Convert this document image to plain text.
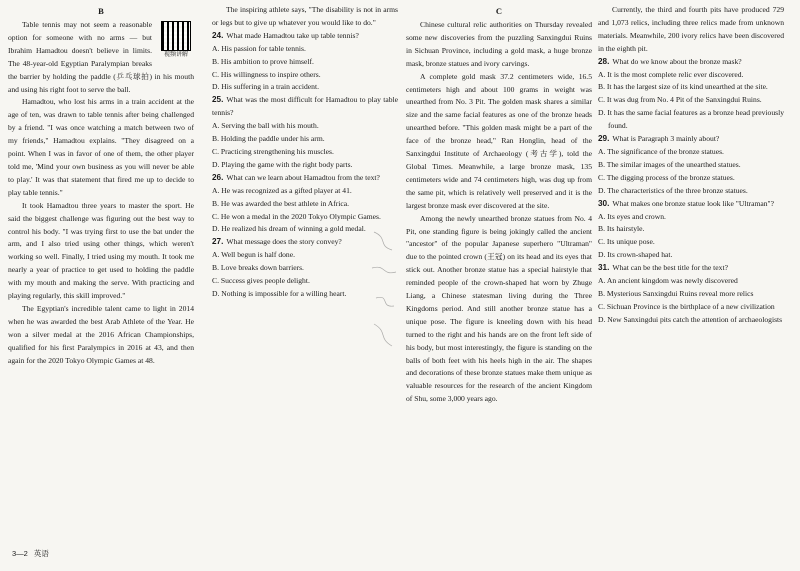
B
视频讲解

Table tennis may not seem a reasonable option for someone with no arms — but Ibrahim Hamadtou doesn't believe in limits. The 48-year-old Egyptian Paralympian breaks the barrier by holding the paddle (乒乓球拍) in his mouth and using his right foot to serve the ball.

Hamadtou, who lost his arms in a train accident at the age of ten, was drawn to table tennis after being challenged by a friend. "I was once watching a match between two of my friends," Hamadtou explains. "They disagreed on a point. When I was in favor of one of them, the other player told me, 'Mind your own business as you will never be able to play.' It was that statement that fired me up to decide to play table tennis."

It took Hamadtou three years to master the sport. He said the biggest challenge was figuring out the best way to control his body. "I was trying first to use the bat under the arm, and I also tried using other things, which weren't working so well. Finally, I tried using my mouth. It took me nearly a year of practice to get used to holding the paddle with my mouth and making the serve. With practicing and playing regularly, this skill improved."

The Egyptian's incredible talent came to light in 2014 when he was awarded the best Arab Athlete of the Year. He won a silver medal at the 2016 African Championships, qualified for his first Paralympics in 2016 at 43, and then again for the 2020 Tokyo Olympic Games at 48.

The inspiring athlete says, "The disability is not in arms or legs but to give up whatever you would like to do."

24. What made Hamadtou take up table tennis?

A. His passion for table tennis.

B. His ambition to prove himself.

C. His willingness to inspire others.

D. His suffering in a train accident.

25. What was the most difficult for Hamadtou to play table tennis?

A. Serving the ball with his mouth.

B. Holding the paddle under his arm.

C. Practicing strengthening his muscles.

D. Playing the game with the right body parts.

26. What can we learn about Hamadtou from the text?

A. He was recognized as a gifted player at 41.

B. He was awarded the best athlete in Africa.

C. He won a medal in the 2020 Tokyo Olympic Games.

D. He realized his dream of winning a gold medal.

27. What message does the story convey?

A. Well begun is half done.

B. Love breaks down barriers.

C. Success gives people delight.

D. Nothing is impossible for a willing heart.

C

Chinese cultural relic authorities on Thursday revealed some new discoveries from the puzzling Sanxingdui Ruins in Sichuan Province, including a gold mask, a huge bronze mask, bronze statues and ivory carvings.

A complete gold mask 37.2 centimeters wide, 16.5 centimeters high and about 100 grams in weight was unearthed from No. 3 Pit. The golden mask shares a similar size and the same facial features as one of the bronze heads unearthed before. "This golden mask might be a part of the face of the bronze head," Ran Honglin, head of the Sanxingdui Institute of Archaeology (考古学), told the Global Times. Meanwhile, a large bronze mask, 135 centimeters wide and 74 centimeters high, was dug up from the same pit, which is relatively well preserved and it is the largest bronze mask ever discovered at the site.

Among the newly unearthed bronze statues from No. 4 Pit, one standing figure is being jokingly called the ancient "ancestor" of the popular Japanese superhero "Ultraman" due to the pointed crown (王冠) on its head and its eyes that stick out. Another bronze statue has a special hairstyle that reminded people of the crown-shaped hat worn by Zhuge Liang, a Chinese statesman living during the Three Kingdoms period. And still another bronze statue has a unique pose. The figure is kneeling down with his head turned to the right and his hands are on the front left side of his body, but most interestingly, the figure is standing on the balls of both feet with his heels high in the air. The shapes and decorations of these bronze statues make them unique as valuable resources for the research of the ancient Kingdom of Shu, some 3,000 years ago.

Currently, the third and fourth pits have produced 729 and 1,073 relics, including three relics made from unknown materials. Meanwhile, 200 ivory relics have been discovered in the eighth pit.

28. What do we know about the bronze mask?

A. It is the most complete relic ever discovered.

B. It has the largest size of its kind unearthed at the site.

C. It was dug from No. 4 Pit of the Sanxingdui Ruins.

D. It has the same facial features as a bronze head previously found.

29. What is Paragraph 3 mainly about?

A. The significance of the bronze statues.

B. The similar images of the unearthed statues.

C. The digging process of the bronze statues.

D. The characteristics of the three bronze statues.

30. What makes one bronze statue look like "Ultraman"?

A. Its eyes and crown.

B. Its hairstyle.

C. Its unique pose.

D. Its crown-shaped hat.

31. What can be the best title for the text?

A. An ancient kingdom was newly discovered

B. Mysterious Sanxingdui Ruins reveal more relics

C. Sichuan Province is the birthplace of a new civilization

D. New Sanxingdui pits catch the attention of archaeologists

3—2 英语
